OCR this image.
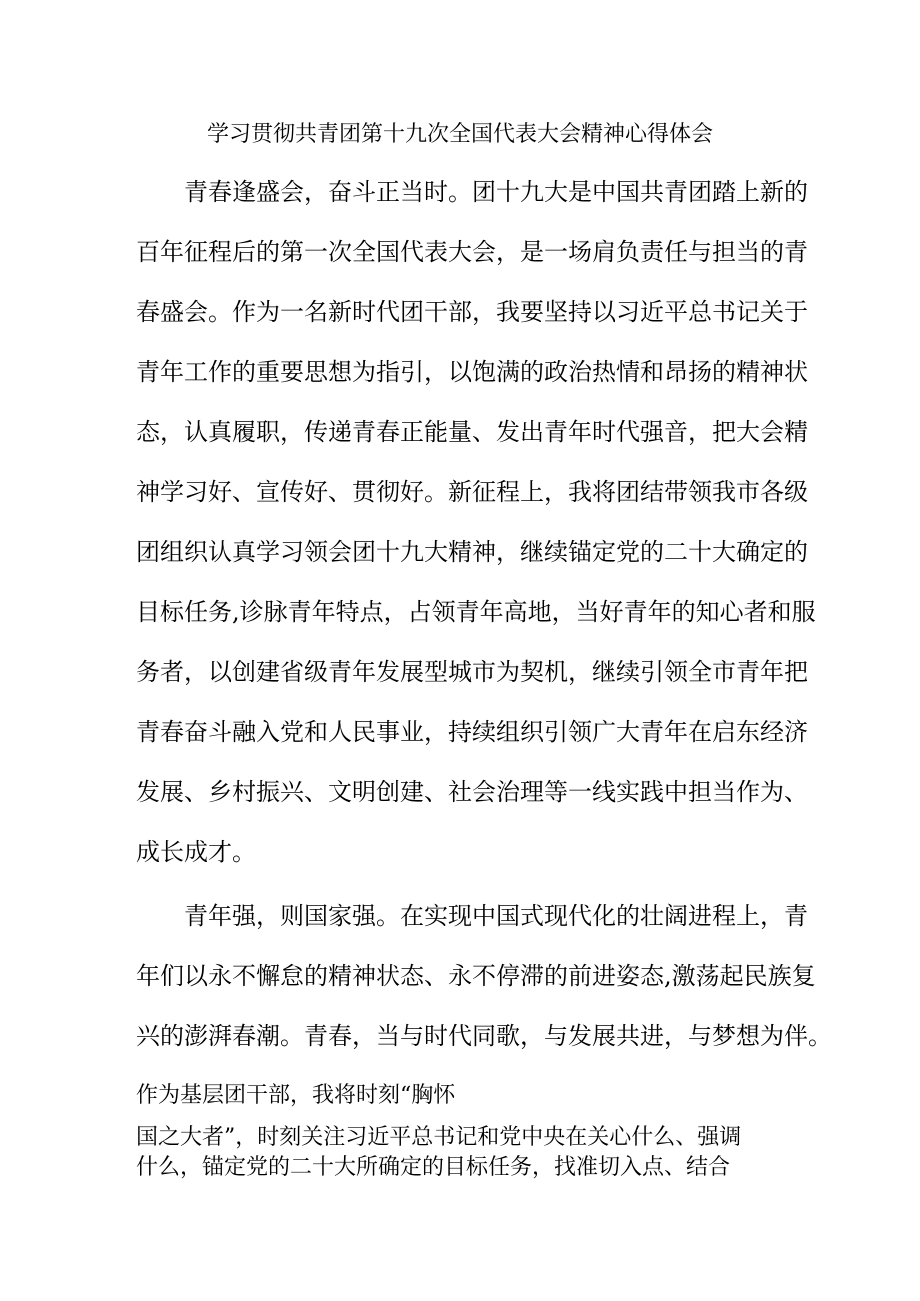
学习贯彻共青团第十九次全国代表大会精神心得体会
青春逢盛会，奋斗正当时。团十九大是中国共青团踏上新的
百年征程后的第一次全国代表大会，是一场肩负责任与担当的青
春盛会。作为一名新时代团干部，我要坚持以习近平总书记关于
青年工作的重要思想为指引，以饱满的政治热情和昂扬的精神状
态，认真履职，传递青春正能量、发出青年时代强音，把大会精
神学习好、宣传好、贯彻好。新征程上，我将团结带领我市各级
团组织认真学习领会团十九大精神，继续锚定党的二十大确定的
目标任务,诊脉青年特点，占领青年高地，当好青年的知心者和服
务者，以创建省级青年发展型城市为契机，继续引领全市青年把
青春奋斗融入党和人民事业，持续组织引领广大青年在启东经济
发展、乡村振兴、文明创建、社会治理等一线实践中担当作为、
成长成才。
青年强，则国家强。在实现中国式现代化的壮阔进程上，青
年们以永不懈怠的精神状态、永不停滞的前进姿态,激荡起民族复
兴的澎湃春潮。青春，当与时代同歌，与发展共进，与梦想为伴。
作为基层团干部，我将时刻“胸怀
国之大者”，时刻关注习近平总书记和党中央在关心什么、强调
什么，锚定党的二十大所确定的目标任务，找准切入点、结合
